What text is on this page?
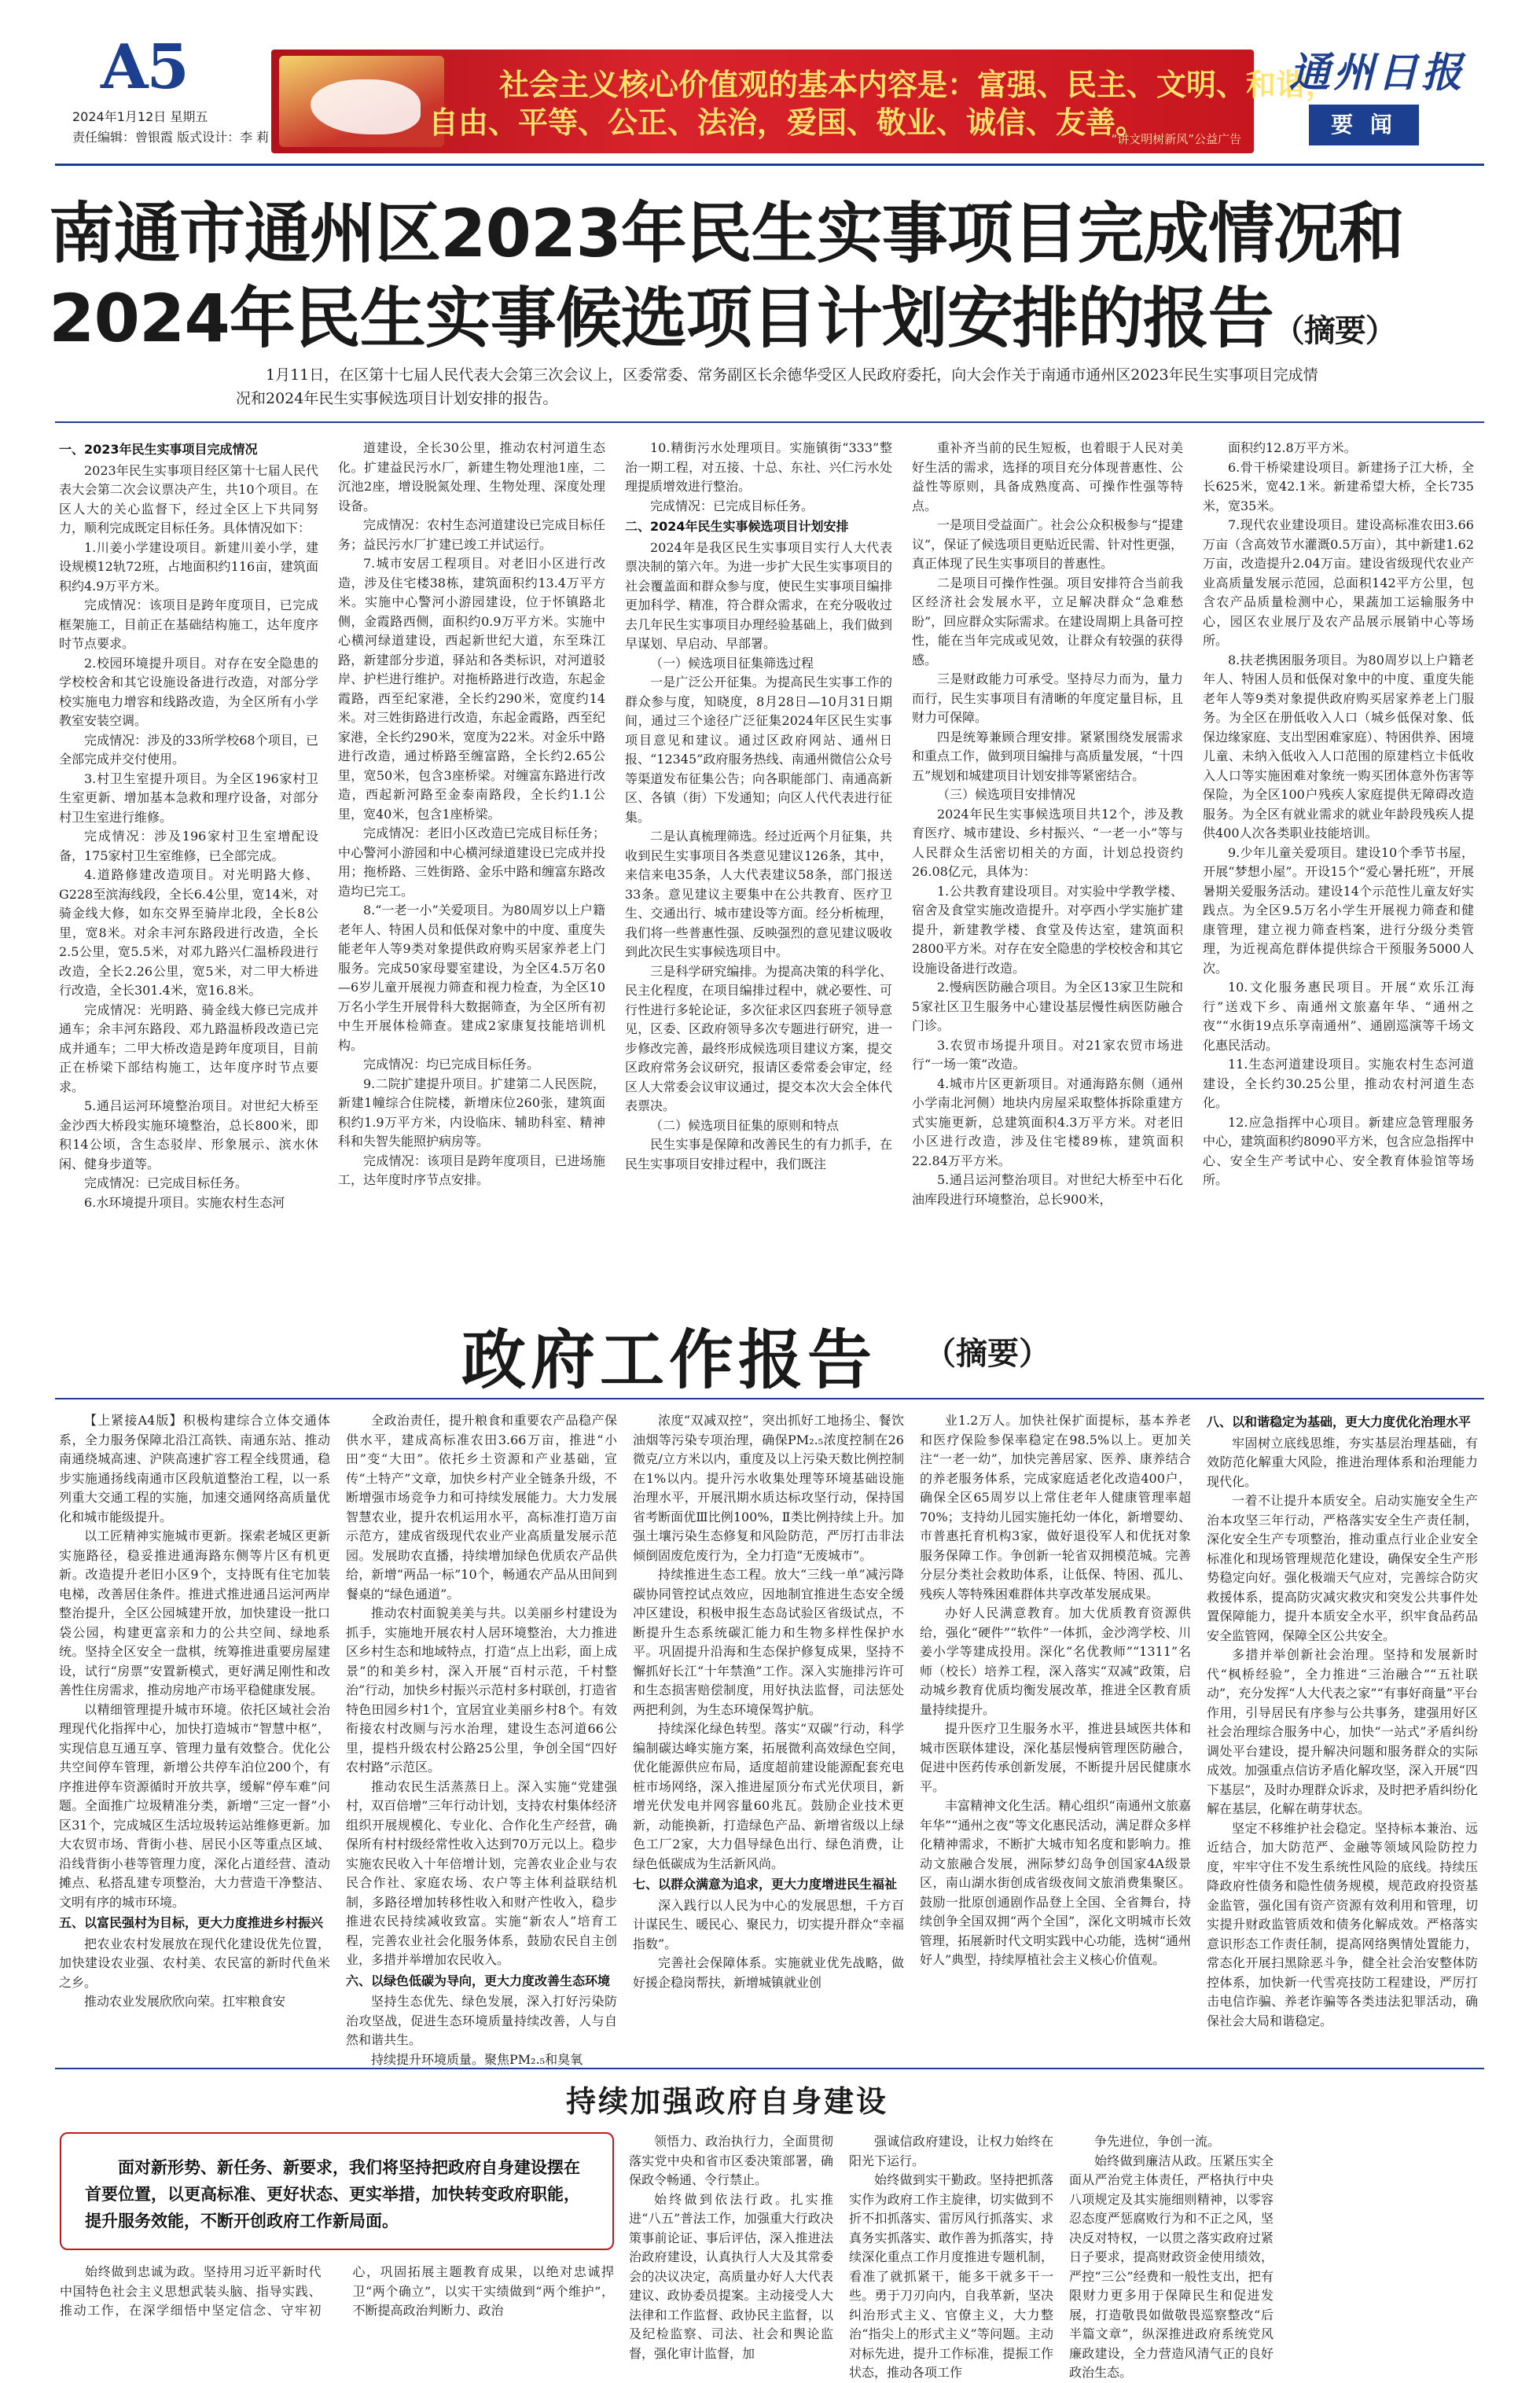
A5
2024年1月12日 星期五
责任编辑：曾银霞 版式设计：李 莉
社会主义核心价值观的基本内容是：富强、民主、文明、和谐，
自由、平等、公正、法治，爱国、敬业、诚信、友善。
“讲文明树新风”公益广告
通州日报
要 闻
南通市通州区2023年民生实事项目完成情况和
2024年民生实事候选项目计划安排的报告（摘要）
1月11日，在区第十七届人民代表大会第三次会议上，区委常委、常务副区长余德华受区人民政府委托，向大会作关于南通市通州区2023年民生实事项目完成情况和2024年民生实事候选项目计划安排的报告。
一、2023年民生实事项目完成情况

2023年民生实事项目经区第十七届人民代表大会第二次会议票决产生，共10个项目。在区人大的关心监督下，经过全区上下共同努力，顺利完成既定目标任务。具体情况如下：

1.川姜小学建设项目。新建川姜小学，建设规模12轨72班，占地面积约116亩，建筑面积约4.9万平方米。

完成情况：该项目是跨年度项目，已完成框架施工，目前正在基础结构施工，达年度序时节点要求。

2.校园环境提升项目。对存在安全隐患的学校校舍和其它设施设备进行改造，对部分学校实施电力增容和线路改造，为全区所有小学教室安装空调。

完成情况：涉及的33所学校68个项目，已全部完成并交付使用。

3.村卫生室提升项目。为全区196家村卫生室更新、增加基本急救和理疗设备，对部分村卫生室进行维修。

完成情况：涉及196家村卫生室增配设备，175家村卫生室维修，已全部完成。

4.道路修建改造项目。对光明路大修、G228至滨海线段，全长6.4公里，宽14米，对骑金线大修，如东交界至骑岸北段，全长8公里，宽8米。对余丰河东路段进行改造，全长2.5公里，宽5.5米，对邓九路兴仁温桥段进行改造，全长2.26公里，宽5米，对二甲大桥进行改造，全长301.4米，宽16.8米。

完成情况：光明路、骑金线大修已完成并通车；余丰河东路段、邓九路温桥段改造已完成并通车；二甲大桥改造是跨年度项目，目前正在桥梁下部结构施工，达年度序时节点要求。

5.通吕运河环境整治项目。对世纪大桥至金沙西大桥段实施环境整治，总长800米，即积14公顷，含生态驳岸、形象展示、滨水休闲、健身步道等。

完成情况：已完成目标任务。

6.水环境提升项目。实施农村生态河

道建设，全长30公里，推动农村河道生态化。扩建益民污水厂，新建生物处理池1座，二沉池2座，增设脱氮处理、生物处理、深度处理设备。

完成情况：农村生态河道建设已完成目标任务；益民污水厂扩建已竣工并试运行。

7.城市安居工程项目。对老旧小区进行改造，涉及住宅楼38栋，建筑面积约13.4万平方米。实施中心警河小游园建设，位于怀镇路北侧，金霞路西侧，面积约0.9万平方米。实施中心横河绿道建设，西起新世纪大道，东至珠江路，新建部分步道，驿站和各类标识，对河道驳岸、护栏进行维护。对拖桥路进行改造，东起金霞路，西至纪家港，全长约290米，宽度约14米。对三姓街路进行改造，东起金霞路，西至纪家港，全长约290米，宽度为22米。对金乐中路进行改造，通过桥路至缠富路，全长约2.65公里，宽50米，包含3座桥梁。对缠富东路进行改造，西起新河路至金泰南路段，全长约1.1公里，宽40米，包含1座桥梁。

完成情况：老旧小区改造已完成目标任务；中心警河小游园和中心横河绿道建设已完成并投用；拖桥路、三姓街路、金乐中路和缠富东路改造均已完工。

8.“一老一小”关爱项目。为80周岁以上户籍老年人、特困人员和低保对象中的中度、重度失能老年人等9类对象提供政府购买居家养老上门服务。完成50家母婴室建设，为全区4.5万名0—6岁儿童开展视力筛查和视力检查，为全区10万名小学生开展骨科大数据筛查，为全区所有初中生开展体检筛查。建成2家康复技能培训机构。

完成情况：均已完成目标任务。

9.二院扩建提升项目。扩建第二人民医院，新建1幢综合住院楼，新增床位260张，建筑面积约1.9万平方米，内设临床、辅助科室、精神科和失智失能照护病房等。

完成情况：该项目是跨年度项目，已进场施工，达年度时序节点安排。

10.精街污水处理项目。实施镇街“333”整治一期工程，对五接、十总、东社、兴仁污水处理提质增效进行整治。

完成情况：已完成目标任务。

二、2024年民生实事候选项目计划安排

2024年是我区民生实事项目实行人大代表票决制的第六年。为进一步扩大民生实事项目的社会覆盖面和群众参与度，使民生实事项目编排更加科学、精准，符合群众需求，在充分吸收过去几年民生实事项目办理经验基础上，我们做到早谋划、早启动、早部署。

（一）候选项目征集筛选过程

一是广泛公开征集。为提高民生实事工作的群众参与度，知晓度，8月28日—10月31日期间，通过三个途径广泛征集2024年区民生实事项目意见和建议。通过区政府网站、通州日报、“12345”政府服务热线、南通州微信公众号等渠道发布征集公告；向各职能部门、南通高新区、各镇（街）下发通知；向区人代代表进行征集。

二是认真梳理筛选。经过近两个月征集，共收到民生实事项目各类意见建议126条，其中，来信来电35条，人大代表建议58条，部门报送33条。意见建议主要集中在公共教育、医疗卫生、交通出行、城市建设等方面。经分析梳理，我们将一些普惠性强、反映强烈的意见建议吸收到此次民生实事候选项目中。

三是科学研究编排。为提高决策的科学化、民主化程度，在项目编排过程中，就必要性、可行性进行多轮论证，多次征求区四套班子领导意见，区委、区政府领导多次专题进行研究，进一步修改完善，最终形成候选项目建议方案，提交区政府常务会议研究，报请区委常委会审定，经区人大常委会议审议通过，提交本次大会全体代表票决。

（二）候选项目征集的原则和特点

民生实事是保障和改善民生的有力抓手，在民生实事项目安排过程中，我们既注

重补齐当前的民生短板，也着眼于人民对美好生活的需求，选择的项目充分体现普惠性、公益性等原则，具备成熟度高、可操作性强等特点。

一是项目受益面广。社会公众积极参与“提建议”，保证了候选项目更贴近民需、针对性更强，真正体现了民生实事项目的普惠性。

二是项目可操作性强。项目安排符合当前我区经济社会发展水平，立足解决群众“急难愁盼”，回应群众实际需求。在建设周期上具备可控性，能在当年完成或见效，让群众有较强的获得感。

三是财政能力可承受。坚持尽力而为，量力而行，民生实事项目有清晰的年度定量目标，且财力可保障。

四是统筹兼顾合理安排。紧紧围绕发展需求和重点工作，做到项目编排与高质量发展，“十四五”规划和城建项目计划安排等紧密结合。

（三）候选项目安排情况

2024年民生实事候选项目共12个，涉及教育医疗、城市建设、乡村振兴、“一老一小”等与人民群众生活密切相关的方面，计划总投资约26.08亿元，具体为：

1.公共教育建设项目。对实验中学教学楼、宿舍及食堂实施改造提升。对亭西小学实施扩建提升，新建教学楼、食堂及传达室，建筑面积2800平方米。对存在安全隐患的学校校舍和其它设施设备进行改造。

2.慢病医防融合项目。为全区13家卫生院和5家社区卫生服务中心建设基层慢性病医防融合门诊。

3.农贸市场提升项目。对21家农贸市场进行“一场一策”改造。

4.城市片区更新项目。对通海路东侧（通州小学南北河侧）地块内房屋采取整体拆除重建方式实施更新，总建筑面积4.3万平方米。对老旧小区进行改造，涉及住宅楼89栋，建筑面积22.84万平方米。

5.通吕运河整治项目。对世纪大桥至中石化油库段进行环境整治，总长900米，

面积约12.8万平方米。

6.骨干桥梁建设项目。新建扬子江大桥，全长625米，宽42.1米。新建希望大桥，全长735米，宽35米。

7.现代农业建设项目。建设高标准农田3.66万亩（含高效节水灌溉0.5万亩），其中新建1.62万亩，改造提升2.04万亩。建设省级现代农业产业高质量发展示范园，总面积142平方公里，包含农产品质量检测中心，果蔬加工运输服务中心，园区农业展厅及农产品展示展销中心等场所。

8.扶老携困服务项目。为80周岁以上户籍老年人、特困人员和低保对象中的中度、重度失能老年人等9类对象提供政府购买居家养老上门服务。为全区在册低收入人口（城乡低保对象、低保边缘家庭、支出型困难家庭）、特困供养、困境儿童、未纳入低收入人口范围的原建档立卡低收入人口等实施困难对象统一购买团体意外伤害等保险，为全区100户残疾人家庭提供无障碍改造服务。为全区有就业需求的就业年龄段残疾人提供400人次各类职业技能培训。

9.少年儿童关爱项目。建设10个季节书屋，开展“梦想小屋”。开设15个“爱心暑托班”，开展暑期关爱服务活动。建设14个示范性儿童友好实践点。为全区9.5万名小学生开展视力筛查和健康管理，建立视力筛查档案，进行分级分类管理，为近视高危群体提供综合干预服务5000人次。

10.文化服务惠民项目。开展“欢乐江海行”送戏下乡、南通州文旅嘉年华、“通州之夜”“水街19点乐享南通州”、通剧巡演等千场文化惠民活动。

11.生态河道建设项目。实施农村生态河道建设，全长约30.25公里，推动农村河道生态化。

12.应急指挥中心项目。新建应急管理服务中心，建筑面积约8090平方米，包含应急指挥中心、安全生产考试中心、安全教育体验馆等场所。

政府工作报告 （摘要）

【上紧接A4版】积极构建综合立体交通体系，全力服务保障北沿江高铁、南通东站、推动南通绕城高速、沪陕高速扩容工程全线贯通，稳步实施通扬线南通市区段航道整治工程，以一系列重大交通工程的实施，加速交通网络高质量优化和城市能级提升。

以工匠精神实施城市更新。探索老城区更新实施路径，稳妥推进通海路东侧等片区有机更新。改造提升老旧小区9个，支持既有住宅加装电梯，改善居住条件。推进式推进通吕运河两岸整治提升，全区公园城建开放，加快建设一批口袋公园，构建更富亲和力的公共空间、绿地系统。坚持全区安全一盘棋，统筹推进重要房屋建设，试行“房票”安置新模式，更好满足刚性和改善性住房需求，推动房地产市场平稳健康发展。

以精细管理提升城市环境。依托区域社会治理现代化指挥中心，加快打造城市“智慧中枢”，实现信息互通互享、管理力量有效整合。优化公共空间停车管理，新增公共停车泊位200个，有序推进停车资源循时开放共享，缓解“停车难”问题。全面推广垃圾精准分类，新增“三定一督”小区31个，完成城区生活垃圾转运站维修更新。加大农贸市场、背街小巷、居民小区等重点区域、沿线背街小巷等管理力度，深化占道经营、渣动摊点、私搭乱建专项整治，大力营造干净整洁、文明有序的城市环境。

五、以富民强村为目标，更大力度推进乡村振兴

把农业农村发展放在现代化建设优先位置，加快建设农业强、农村美、农民富的新时代鱼米之乡。

推动农业发展欣欣向荣。扛牢粮食安

全政治责任，提升粮食和重要农产品稳产保供水平，建成高标准农田3.66万亩，推进“小田”变“大田”。依托乡土资源和产业基础，宣传“土特产”文章，加快乡村产业全链条升级，不断增强市场竞争力和可持续发展能力。大力发展智慧农业，提升农机运用水平，高标准打造万亩示范方，建成省级现代农业产业高质量发展示范园。发展助农直播，持续增加绿色优质农产品供给，新增“两品一标”10个，畅通农产品从田间到餐桌的“绿色通道”。

推动农村面貌美美与共。以美丽乡村建设为抓手，实施地开展农村人居环境整治，大力推进区乡村生态和地域特点，打造“点上出彩，面上成景”的和美乡村，深入开展“百村示范，千村整治”行动，加快乡村振兴示范村多村联创，打造省特色田园乡村1个，宜居宜业美丽乡村8个。有效衔接农村改厕与污水治理，建设生态河道66公里，提档升级农村公路25公里，争创全国“四好农村路”示范区。

推动农民生活蒸蒸日上。深入实施“党建强村，双百倍增”三年行动计划，支持农村集体经济组织开展规模化、专业化、合作化生产经营，确保所有村村级经常性收入达到70万元以上。稳步实施农民收入十年倍增计划，完善农业企业与农民合作社、家庭农场、农户等主体利益联结机制，多路径增加转移性收入和财产性收入，稳步推进农民持续减收致富。实施“新农人”培育工程，完善农业社会化服务体系，鼓励农民自主创业，多措并举增加农民收入。

六、以绿色低碳为导向，更大力度改善生态环境

坚持生态优先、绿色发展，深入打好污染防治攻坚战，促进生态环境质量持续改善，人与自然和谐共生。

持续提升环境质量。聚焦PM₂.₅和臭氧

浓度“双减双控”，突出抓好工地扬尘、餐饮油烟等污染专项治理，确保PM₂.₅浓度控制在26微克/立方米以内，重度及以上污染天数比例控制在1%以内。提升污水收集处理等环境基础设施治理水平，开展汛期水质达标攻坚行动，保持国省考断面优Ⅲ比例100%，Ⅱ类比例持续上升。加强土壤污染生态修复和风险防范，严厉打击非法倾倒固废危废行为，全力打造“无废城市”。

持续推进生态工程。放大“三线一单”减污降碳协同管控试点效应，因地制宜推进生态安全缓冲区建设，积极申报生态岛试验区省级试点，不断提升生态系统碳汇能力和生物多样性保护水平。巩固提升沿海和生态保护修复成果，坚持不懈抓好长江“十年禁渔”工作。深入实施排污许可和生态损害赔偿制度，用好执法监督，司法惩处两把利剑，为生态环境保驾护航。

持续深化绿色转型。落实“双碳”行动，科学编制碳达峰实施方案，拓展微利高效绿色空间，优化能源供应布局，适度超前建设能源配套充电桩市场网络，深入推进屋顶分布式光伏项目，新增光伏发电并网容量60兆瓦。鼓励企业技术更新，动能换新，打造绿色产品、新增省级以上绿色工厂2家，大力倡导绿色出行、绿色消费，让绿色低碳成为生活新风尚。

七、以群众满意为追求，更大力度增进民生福祉

深入践行以人民为中心的发展思想，千方百计谋民生、暖民心、聚民力，切实提升群众“幸福指数”。

完善社会保障体系。实施就业优先战略，做好援企稳岗帮扶，新增城镇就业创

业1.2万人。加快社保扩面提标，基本养老和医疗保险参保率稳定在98.5%以上。更加关注“一老一幼”，加快完善居家、医养、康养结合的养老服务体系，完成家庭适老化改造400户，确保全区65周岁以上常住老年人健康管理率超70%；支持幼儿园实施托幼一体化，新增婴幼、市普惠托育机构3家，做好退役军人和优抚对象服务保障工作。争创新一轮省双拥模范城。完善分层分类社会救助体系，让低保、特困、孤儿、残疾人等特殊困难群体共享改革发展成果。

办好人民满意教育。加大优质教育资源供给，强化“硬件”“软件”一体抓，金沙湾学校、川姜小学等建成投用。深化“名优教师”“1311”名师（校长）培养工程，深入落实“双减”政策，启动城乡教育优质均衡发展改革，推进全区教育质量持续提升。

提升医疗卫生服务水平，推进县域医共体和城市医联体建设，深化基层慢病管理医防融合，促进中医药传承创新发展，不断提升居民健康水平。

丰富精神文化生活。精心组织“南通州文旅嘉年华”“通州之夜”等文化惠民活动，满足群众多样化精神需求，不断扩大城市知名度和影响力。推动文旅融合发展，洲际梦幻岛争创国家4A级景区，南山湖水街创成省级夜间文旅消费集聚区。鼓励一批原创通剧作品登上全国、全省舞台，持续创争全国双拥“两个全国”，深化文明城市长效管理，拓展新时代文明实践中心功能，选树“通州好人”典型，持续厚植社会主义核心价值观。

八、以和谐稳定为基础，更大力度优化治理水平

牢固树立底线思维，夯实基层治理基础，有效防范化解重大风险，推进治理体系和治理能力现代化。

一着不让提升本质安全。启动实施安全生产治本攻坚三年行动，严格落实安全生产责任制，深化安全生产专项整治，推动重点行业企业安全标准化和现场管理规范化建设，确保安全生产形势稳定向好。强化极端天气应对，完善综合防灾救援体系，提高防灾减灾救灾和突发公共事件处置保障能力，提升本质安全水平，织牢食品药品安全监管网，保障全区公共安全。

多措并举创新社会治理。坚持和发展新时代“枫桥经验”，全力推进“三治融合”“五社联动”，充分发挥“人大代表之家”“有事好商量”平台作用，引导居民有序参与公共事务，建强用好区社会治理综合服务中心，加快“一站式”矛盾纠纷调处平台建设，提升解决问题和服务群众的实际成效。加强重点信访矛盾化解攻坚，深入开展“四下基层”，及时办理群众诉求，及时把矛盾纠纷化解在基层，化解在萌芽状态。

坚定不移维护社会稳定。坚持标本兼治、远近结合，加大防范严、金融等领域风险防控力度，牢牢守住不发生系统性风险的底线。持续压降政府性债务和隐性债务规模，规范政府投资基金监管，强化国有资产资源有效利用和管理，切实提升财政监管质效和债务化解成效。严格落实意识形态工作责任制，提高网络舆情处置能力，常态化开展扫黑除恶斗争，健全社会治安整体防控体系，加快新一代雪亮技防工程建设，严厉打击电信诈骗、养老诈骗等各类违法犯罪活动，确保社会大局和谐稳定。

持续加强政府自身建设

面对新形势、新任务、新要求，我们将坚持把政府自身建设摆在首要位置，以更高标准、更好状态、更实举措，加快转变政府职能，提升服务效能，不断开创政府工作新局面。

始终做到忠诚为政。坚持用习近平新时代中国特色社会主义思想武装头脑、指导实践、推动工作，在深学细悟中坚定信念、守牢初心，巩固拓展主题教育成果，以绝对忠诚捍卫“两个确立”，以实干实绩做到“两个维护”，不断提高政治判断力、政治

领悟力、政治执行力，全面贯彻落实党中央和省市区委决策部署，确保政令畅通、令行禁止。

始终做到依法行政。扎实推进“八五”普法工作，加强重大行政决策事前论证、事后评估，深入推进法治政府建设，认真执行人大及其常委会的决议决定，高质量办好人大代表建议、政协委员提案。主动接受人大法律和工作监督、政协民主监督，以及纪检监察、司法、社会和舆论监督，强化审计监督，加

强诚信政府建设，让权力始终在阳光下运行。

始终做到实干勤政。坚持把抓落实作为政府工作主旋律，切实做到不折不扣抓落实、雷厉风行抓落实、求真务实抓落实、敢作善为抓落实，持续深化重点工作月度推进专题机制，看准了就抓紧干，能多干就多干一些。勇于刀刃向内，自我革新，坚决纠治形式主义、官僚主义，大力整治“指尖上的形式主义”等问题。主动对标先进，提升工作标准，提振工作状态，推动各项工作

争先进位，争创一流。

始终做到廉洁从政。压紧压实全面从严治党主体责任，严格执行中央八项规定及其实施细则精神，以零容忍态度严惩腐败行为和不正之风，坚决反对特权，一以贯之落实政府过紧日子要求，提高财政资金使用绩效，严控“三公”经费和一般性支出，把有限财力更多用于保障民生和促进发展，打造敬畏如做敬畏巡察整改“后半篇文章”，纵深推进政府系统党风廉政建设，全力营造风清气正的良好政治生态。
